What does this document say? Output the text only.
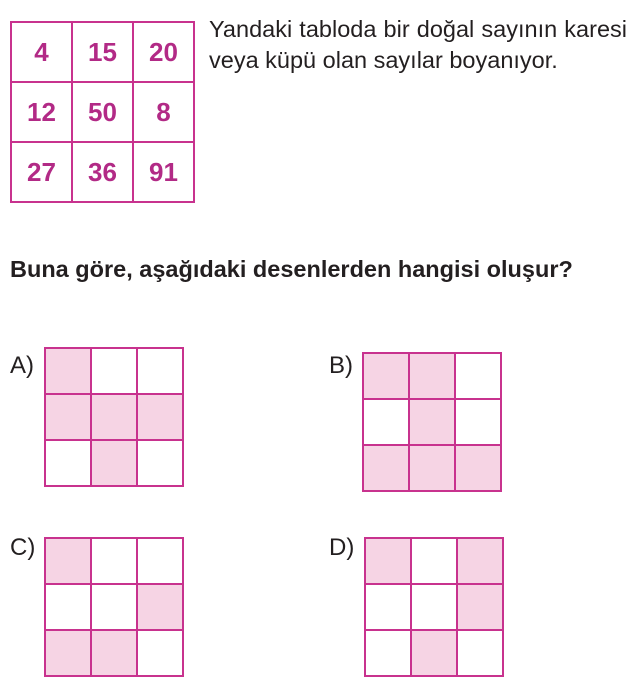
4	15	20
12	50	8
27	36	91

Yandaki tabloda bir doğal sayının karesi veya küpü olan sayılar boyanıyor.

Buna göre, aşağıdaki desenlerden hangisi oluşur?

A)	B)
C)	D)
